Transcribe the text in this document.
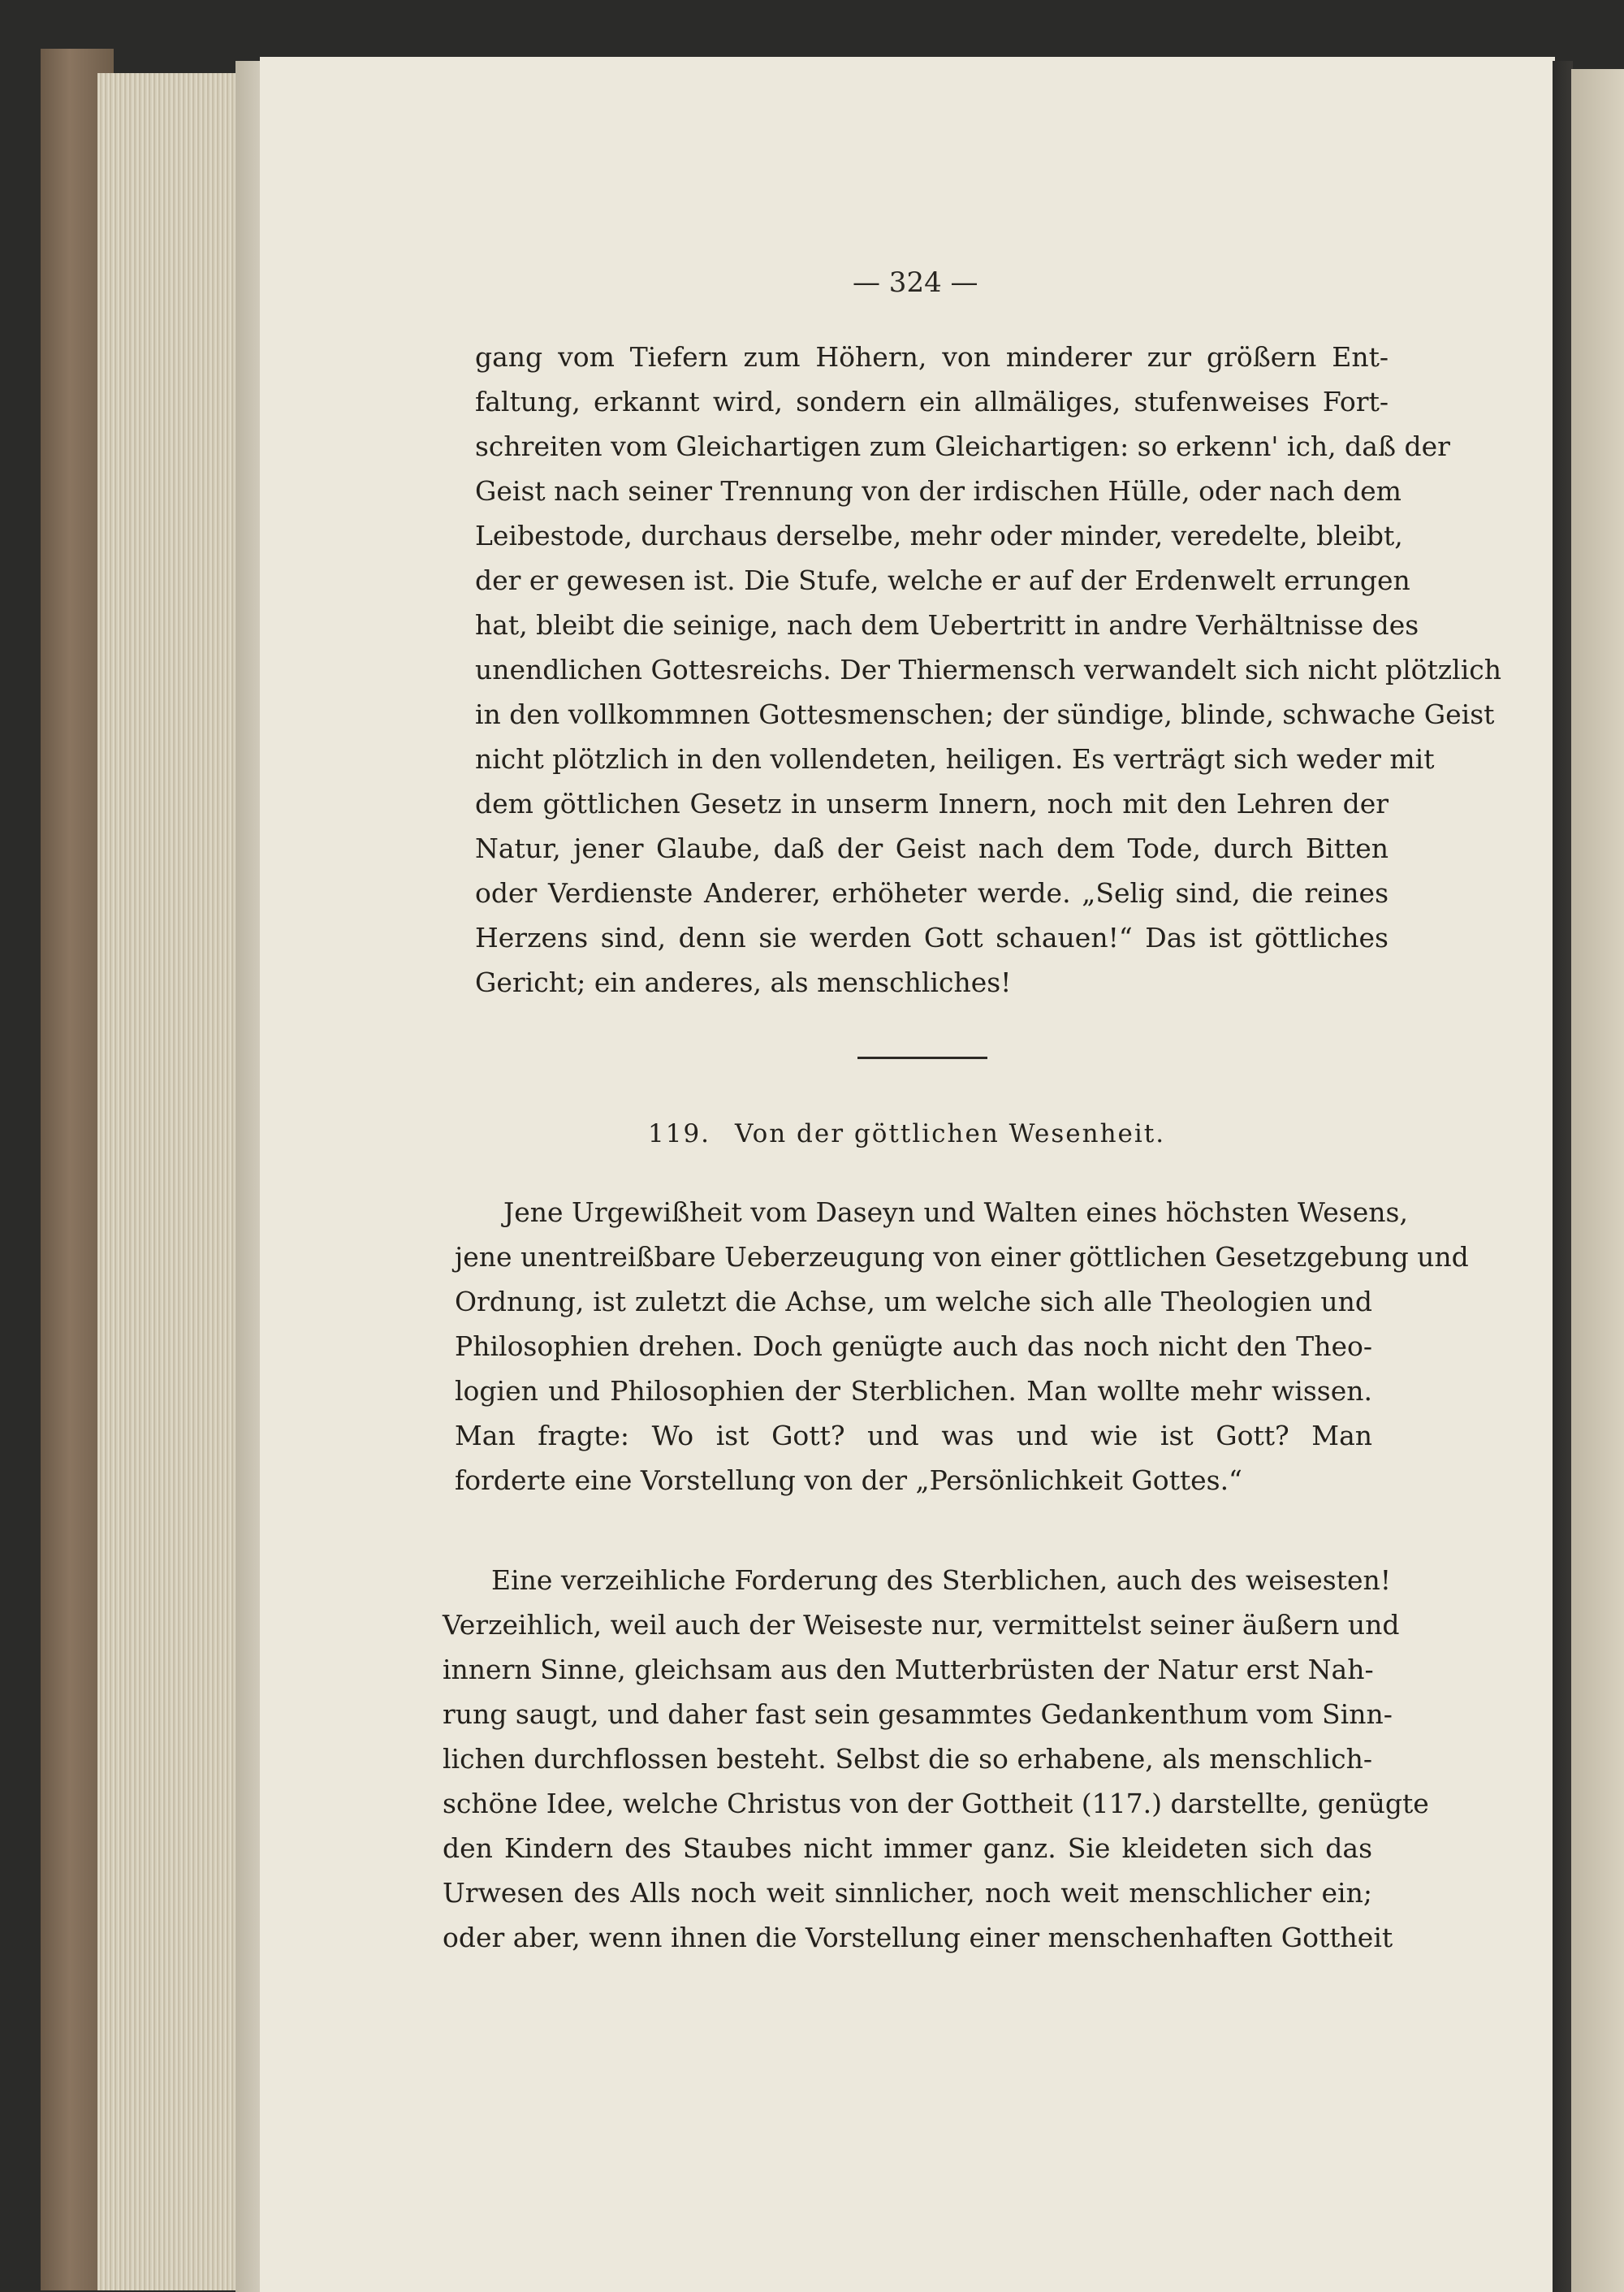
— 324 —
gang vom Tiefern zum Höhern, von minderer zur größern Ent-
faltung, erkannt wird, sondern ein allmäliges, stufenweises Fort-
schreiten vom Gleichartigen zum Gleichartigen: so erkenn' ich, daß der
Geist nach seiner Trennung von der irdischen Hülle, oder nach dem
Leibestode, durchaus derselbe, mehr oder minder, veredelte, bleibt,
der er gewesen ist. Die Stufe, welche er auf der Erdenwelt errungen
hat, bleibt die seinige, nach dem Uebertritt in andre Verhältnisse des
unendlichen Gottesreichs. Der Thiermensch verwandelt sich nicht plötzlich
in den vollkommnen Gottesmenschen; der sündige, blinde, schwache Geist
nicht plötzlich in den vollendeten, heiligen. Es verträgt sich weder mit
dem göttlichen Gesetz in unserm Innern, noch mit den Lehren der
Natur, jener Glaube, daß der Geist nach dem Tode, durch Bitten
oder Verdienste Anderer, erhöheter werde. „Selig sind, die reines
Herzens sind, denn sie werden Gott schauen!“ Das ist göttliches
Gericht; ein anderes, als menschliches!
119. Von der göttlichen Wesenheit.
Jene Urgewißheit vom Daseyn und Walten eines höchsten Wesens,
jene unentreißbare Ueberzeugung von einer göttlichen Gesetzgebung und
Ordnung, ist zuletzt die Achse, um welche sich alle Theologien und
Philosophien drehen. Doch genügte auch das noch nicht den Theo-
logien und Philosophien der Sterblichen. Man wollte mehr wissen.
Man fragte: Wo ist Gott? und was und wie ist Gott? Man
forderte eine Vorstellung von der „Persönlichkeit Gottes.“
Eine verzeihliche Forderung des Sterblichen, auch des weisesten!
Verzeihlich, weil auch der Weiseste nur, vermittelst seiner äußern und
innern Sinne, gleichsam aus den Mutterbrüsten der Natur erst Nah-
rung saugt, und daher fast sein gesammtes Gedankenthum vom Sinn-
lichen durchflossen besteht. Selbst die so erhabene, als menschlich-
schöne Idee, welche Christus von der Gottheit (117.) darstellte, genügte
den Kindern des Staubes nicht immer ganz. Sie kleideten sich das
Urwesen des Alls noch weit sinnlicher, noch weit menschlicher ein;
oder aber, wenn ihnen die Vorstellung einer menschenhaften Gottheit
